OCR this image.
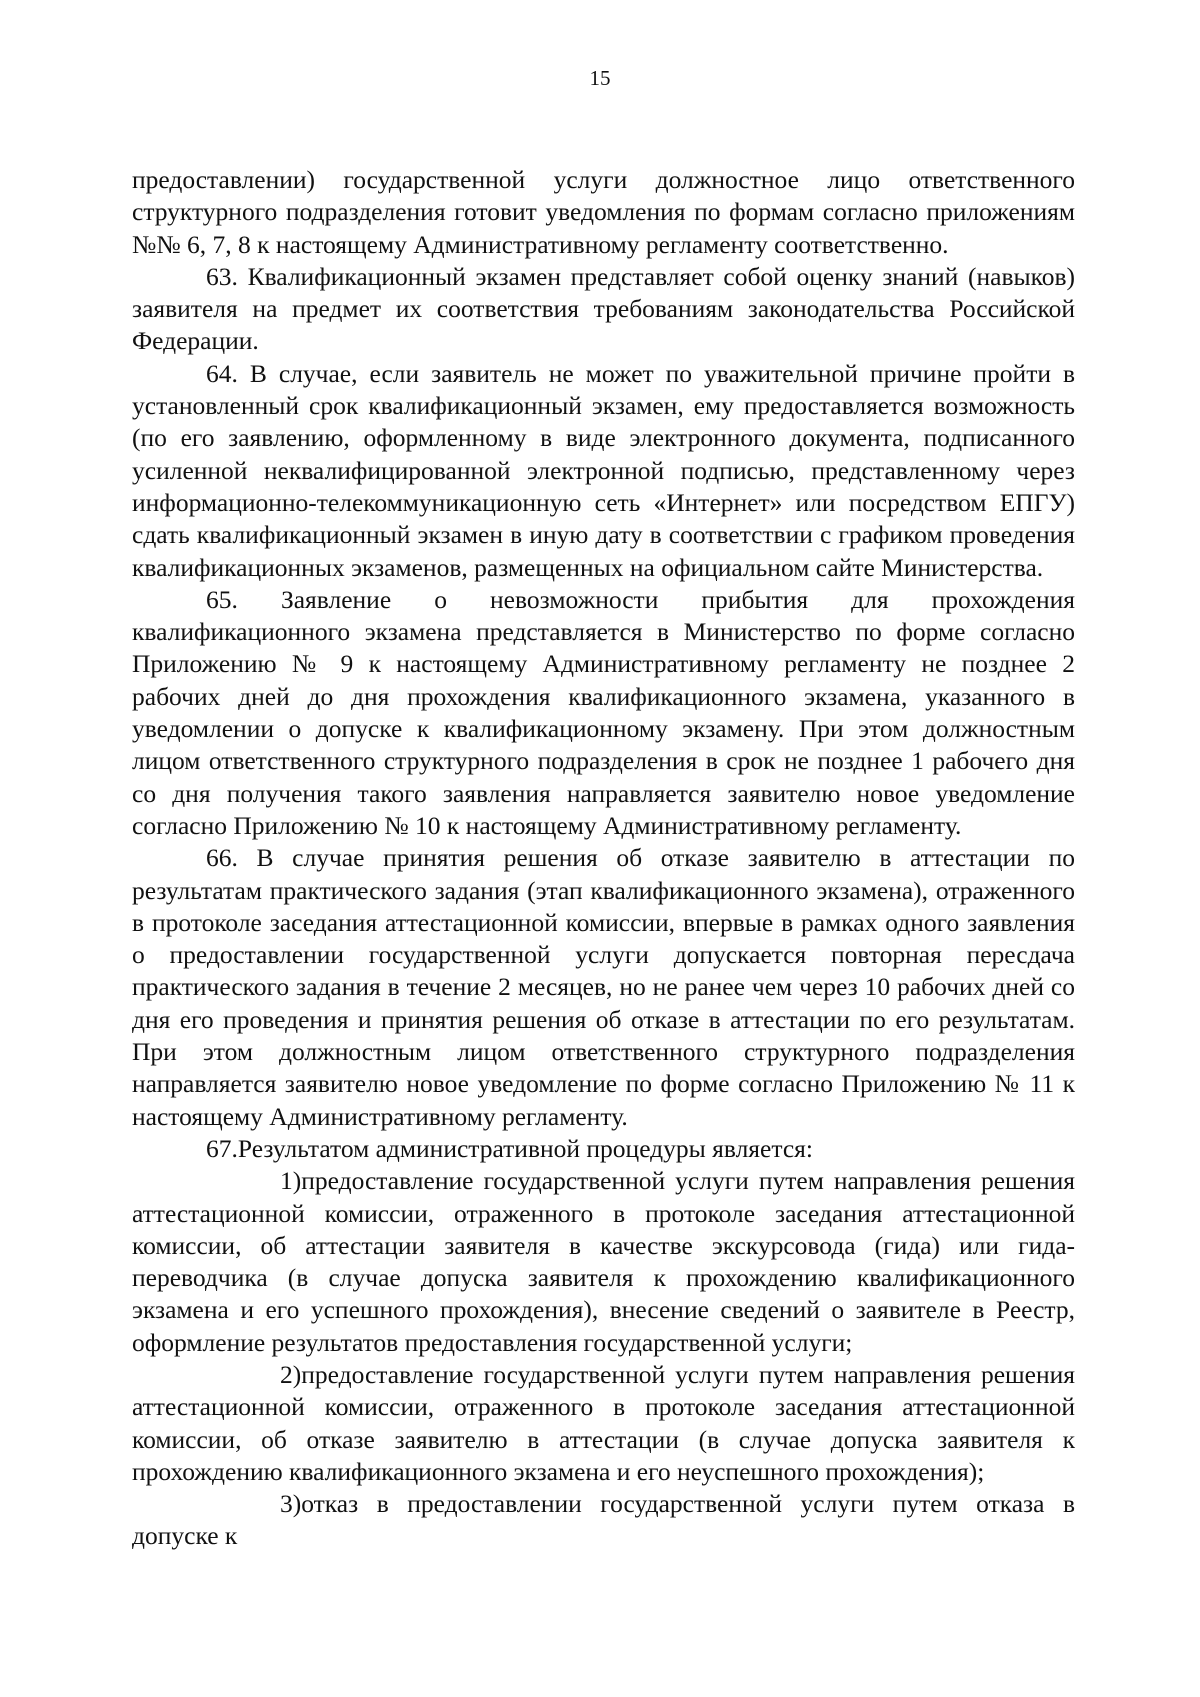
15

предоставлении) государственной услуги должностное лицо ответственного структурного подразделения готовит уведомления по формам согласно приложениям №№ 6, 7, 8 к настоящему Административному регламенту соответственно.

63. Квалификационный экзамен представляет собой оценку знаний (навыков) заявителя на предмет их соответствия требованиям законодательства Российской Федерации.

64. В случае, если заявитель не может по уважительной причине пройти в установленный срок квалификационный экзамен, ему предоставляется возможность (по его заявлению, оформленному в виде электронного документа, подписанного усиленной неквалифицированной электронной подписью, представленному через информационно-телекоммуникационную сеть «Интернет» или посредством ЕПГУ) сдать квалификационный экзамен в иную дату в соответствии с графиком проведения квалификационных экзаменов, размещенных на официальном сайте Министерства.

65. Заявление о невозможности прибытия для прохождения квалификационного экзамена представляется в Министерство по форме согласно Приложению № 9 к настоящему Административному регламенту не позднее 2 рабочих дней до дня прохождения квалификационного экзамена, указанного в уведомлении о допуске к квалификационному экзамену. При этом должностным лицом ответственного структурного подразделения в срок не позднее 1 рабочего дня со дня получения такого заявления направляется заявителю новое уведомление согласно Приложению № 10 к настоящему Административному регламенту.

66. В случае принятия решения об отказе заявителю в аттестации по результатам практического задания (этап квалификационного экзамена), отраженного в протоколе заседания аттестационной комиссии, впервые в рамках одного заявления о предоставлении государственной услуги допускается повторная пересдача практического задания в течение 2 месяцев, но не ранее чем через 10 рабочих дней со дня его проведения и принятия решения об отказе в аттестации по его результатам. При этом должностным лицом ответственного структурного подразделения направляется заявителю новое уведомление по форме согласно Приложению № 11 к настоящему Административному регламенту.

67.Результатом административной процедуры является:

1)предоставление государственной услуги путем направления решения аттестационной комиссии, отраженного в протоколе заседания аттестационной комиссии, об аттестации заявителя в качестве экскурсовода (гида) или гида-переводчика (в случае допуска заявителя к прохождению квалификационного экзамена и его успешного прохождения), внесение сведений о заявителе в Реестр, оформление результатов предоставления государственной услуги;

2)предоставление государственной услуги путем направления решения аттестационной комиссии, отраженного в протоколе заседания аттестационной комиссии, об отказе заявителю в аттестации (в случае допуска заявителя к прохождению квалификационного экзамена и его неуспешного прохождения);

3)отказ в предоставлении государственной услуги путем отказа в допуске к
